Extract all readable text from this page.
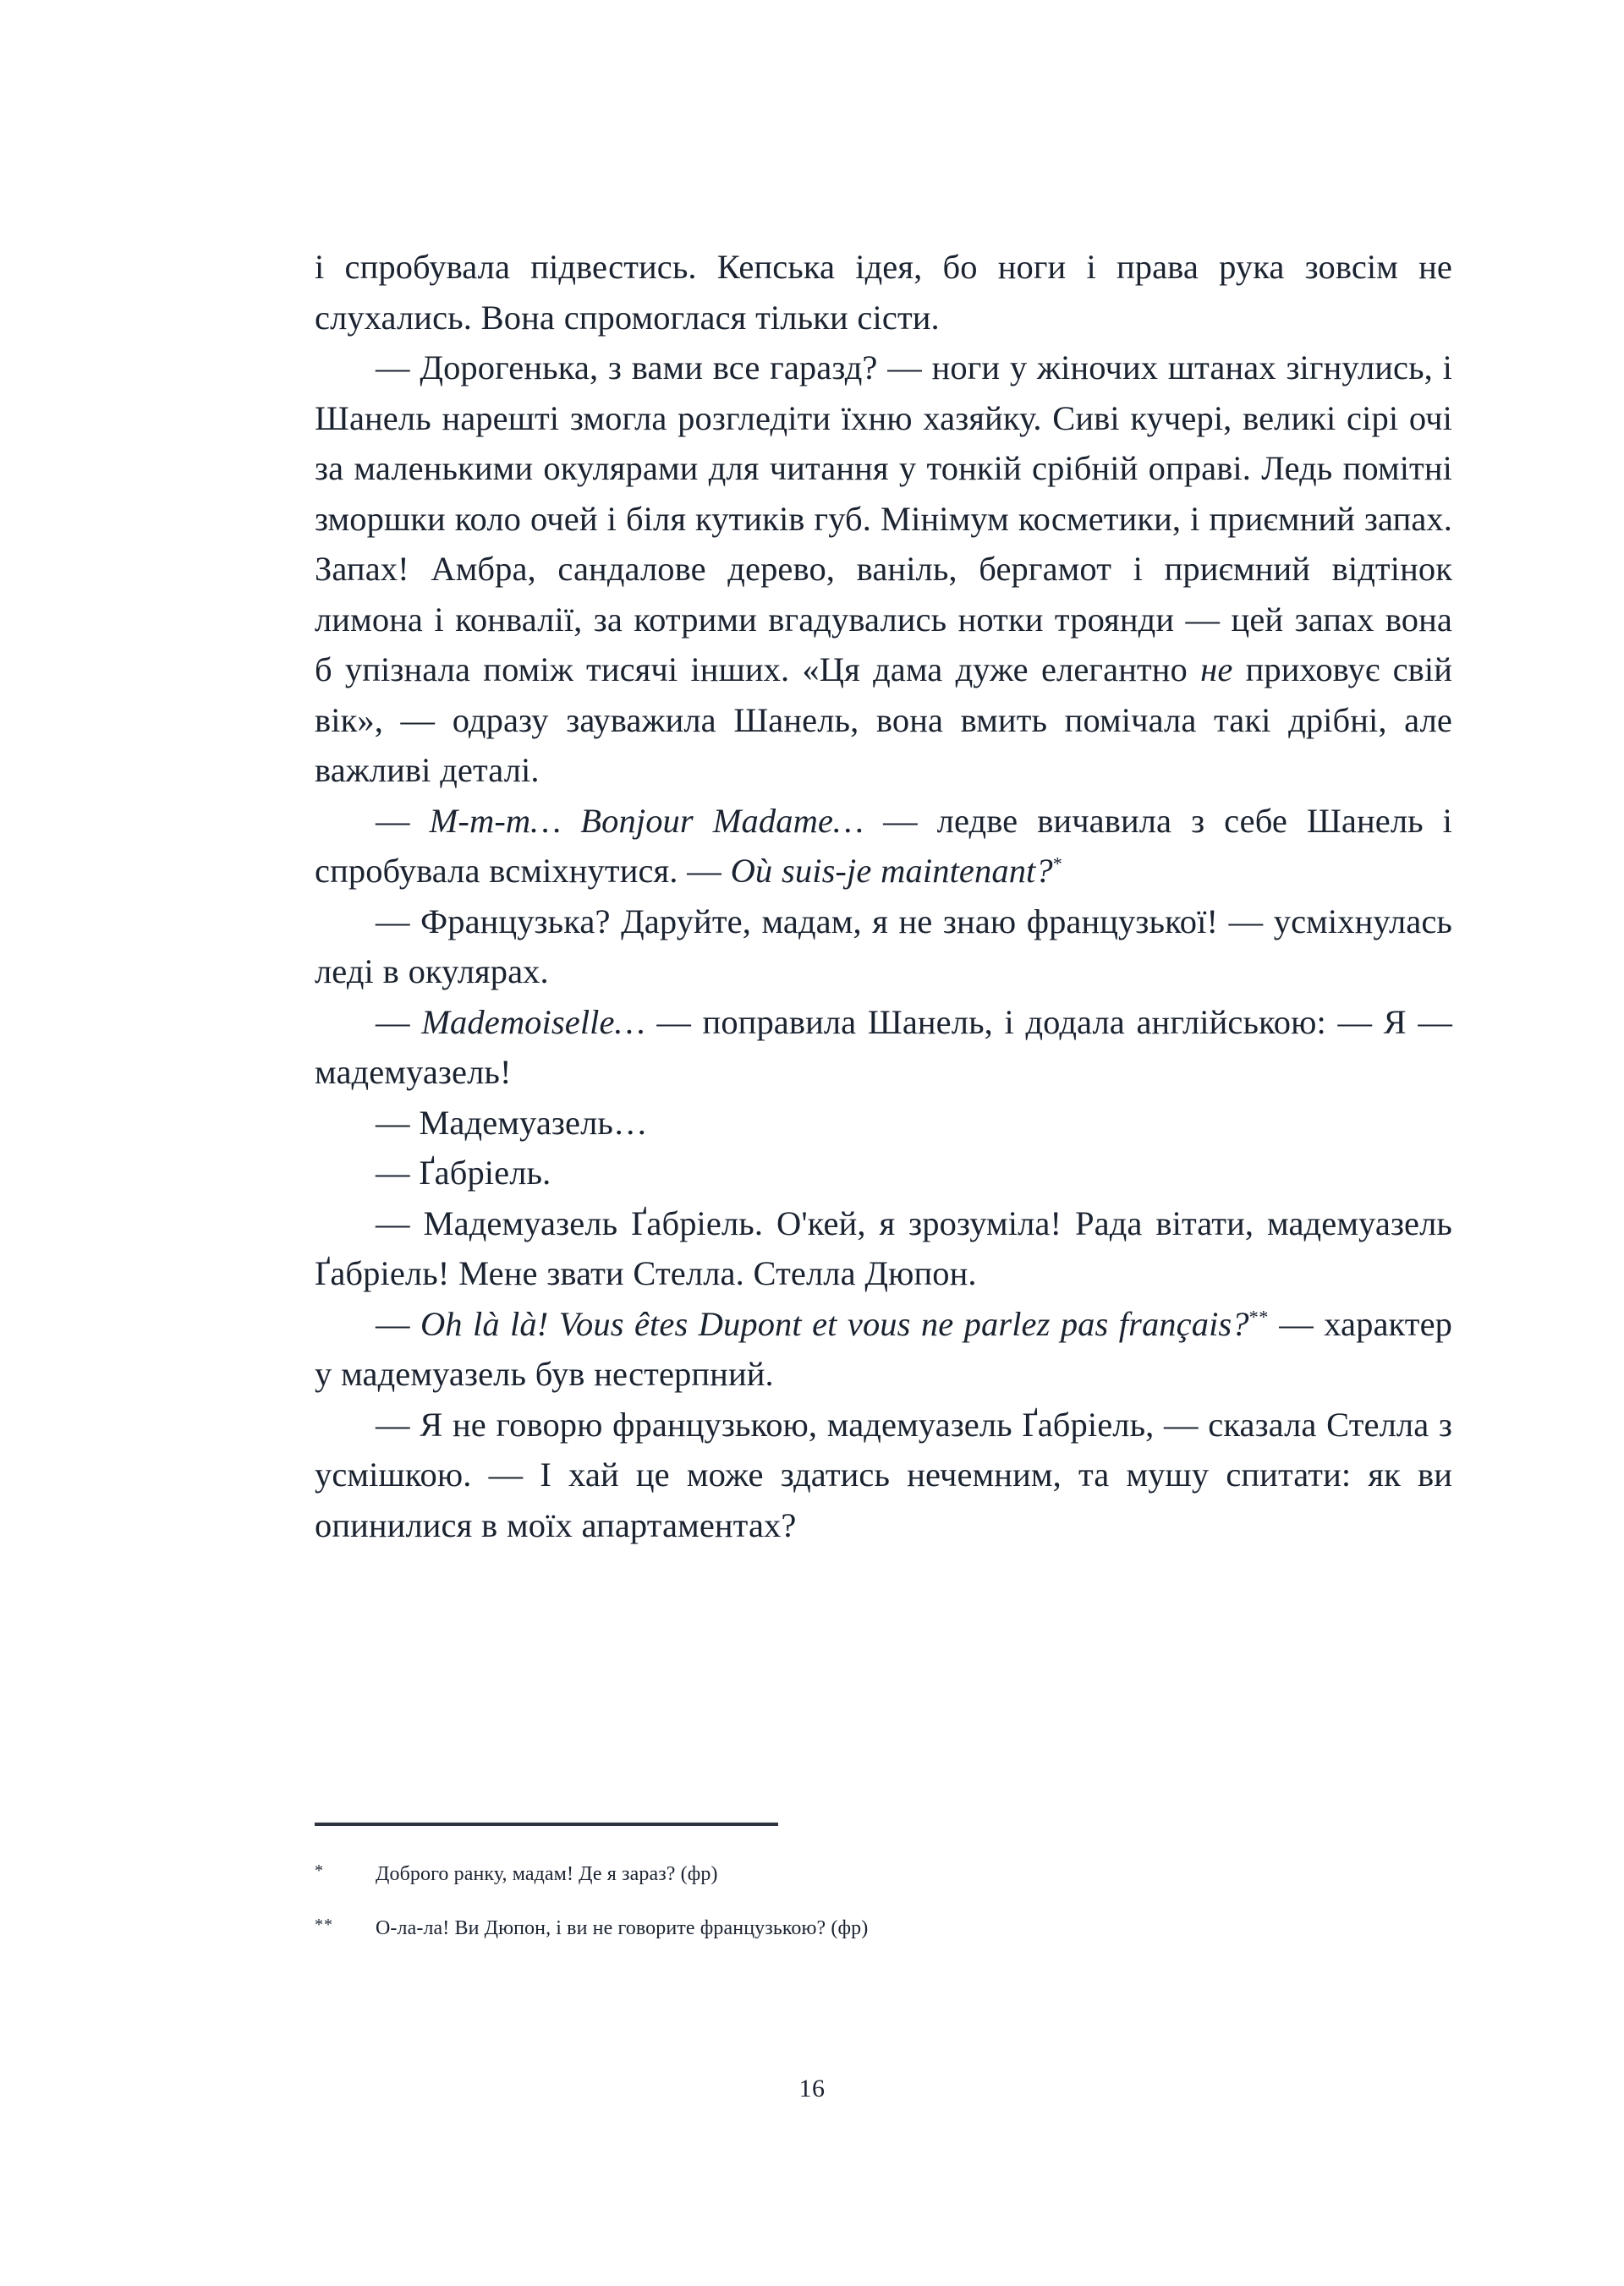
і спробувала підвестись. Кепська ідея, бо ноги і права рука зовсім не слухались. Вона спромоглася тільки сісти.

— Дорогенька, з вами все гаразд? — ноги у жіночих штанах зігнулись, і Шанель нарешті змогла розгледіти їхню хазяйку. Сиві кучері, великі сірі очі за маленькими окулярами для читання у тонкій срібній оправі. Ледь помітні зморшки коло очей і біля кутиків губ. Мінімум косметики, і приємний запах. Запах! Амбра, сандалове дерево, ваніль, бергамот і приємний відтінок лимона і конвалії, за котрими вгадувались нотки троянди — цей запах вона б упізнала поміж тисячі інших. «Ця дама дуже елегантно не приховує свій вік», — одразу зауважила Шанель, вона вмить помічала такі дрібні, але важливі деталі.

— M-m-m… Bonjour Madame… — ледве вичавила з себе Шанель і спробувала всміхнутися. — Où suis-je maintenant?*

— Французька? Даруйте, мадам, я не знаю французької! — усміхнулась леді в окулярах.

— Mademoiselle… — поправила Шанель, і додала англійською: — Я — мадемуазель!

— Мадемуазель…

— Ґабріель.

— Мадемуазель Ґабріель. О'кей, я зрозуміла! Рада вітати, мадемуазель Ґабріель! Мене звати Стелла. Стелла Дюпон.

— Oh là là! Vous êtes Dupont et vous ne parlez pas français?** — характер у мадемуазель був нестерпний.

— Я не говорю французькою, мадемуазель Ґабріель, — сказала Стелла з усмішкою. — І хай це може здатись нечемним, та мушу спитати: як ви опинилися в моїх апартаментах?

*	Доброго ранку, мадам! Де я зараз? (фр)
**	О-ла-ла! Ви Дюпон, і ви не говорите французькою? (фр)
16
